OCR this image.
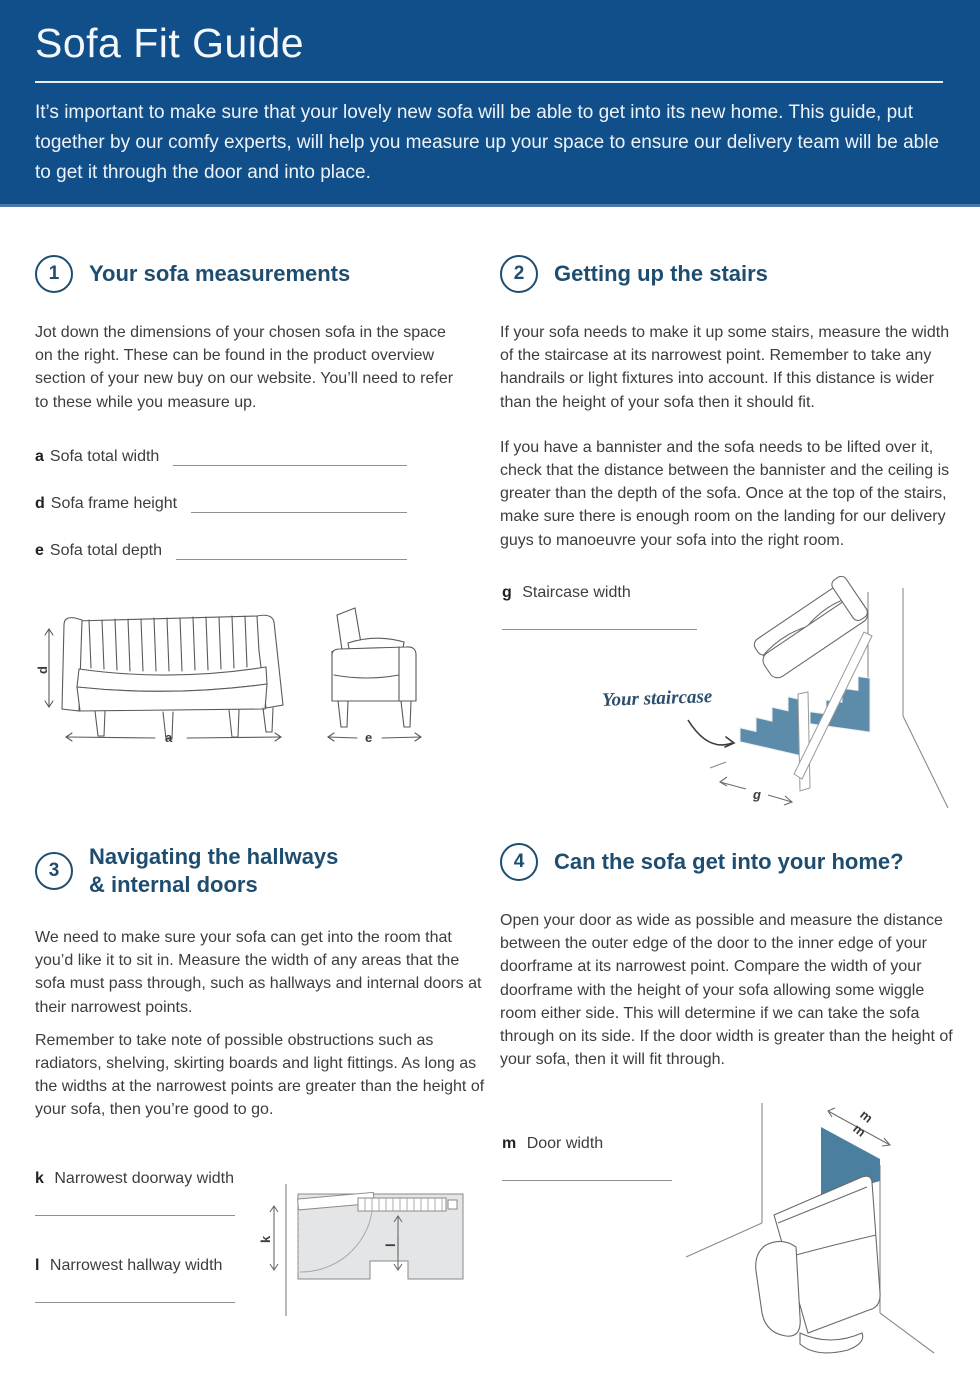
Sofa Fit Guide
It’s important to make sure that your lovely new sofa will be able to get into its new home. This guide, put together by our comfy experts, will help you measure up your space to ensure our delivery team will be able to get it through the door and into place.
1	Your sofa measurements

Jot down the dimensions of your chosen sofa in the space on the right. These can be found in the product overview section of your new buy on our website. You’ll need to refer to these while you measure up.

a Sofa total width
d Sofa frame height
e Sofa total depth
a
d
e
2	Getting up the stairs

If your sofa needs to make it up some stairs, measure the width of the staircase at its narrowest point. Remember to take any handrails or light fixtures into account. If this distance is wider than the height of your sofa then it should fit.

If you have a bannister and the sofa needs to be lifted over it, check that the distance between the bannister and the ceiling is greater than the depth of the sofa. Once at the top of the stairs, make sure there is enough room on the landing for our delivery guys to manoeuvre your sofa into the right room.

g Staircase width
Your staircase
g
3
Navigating the hallways
& internal doors

We need to make sure your sofa can get into the room that you’d like it to sit in. Measure the width of any areas that the sofa must pass through, such as hallways and internal doors at their narrowest points.

Remember to take note of possible obstructions such as radiators, shelving, skirting boards and light fittings. As long as the widths at the narrowest points are greater than the height of your sofa, then you’re good to go.

k Narrowest doorway width
l Narrowest hallway width
k
l
4	Can the sofa get into your home?

Open your door as wide as possible and measure the distance between the outer edge of the door to the inner edge of your doorframe at its narrowest point. Compare the width of your doorframe with the height of your sofa allowing some wiggle room either side. This will determine if we can take the sofa through on its side. If the door width is greater than the height of your sofa, then it will fit through.

m Door width
m
m
